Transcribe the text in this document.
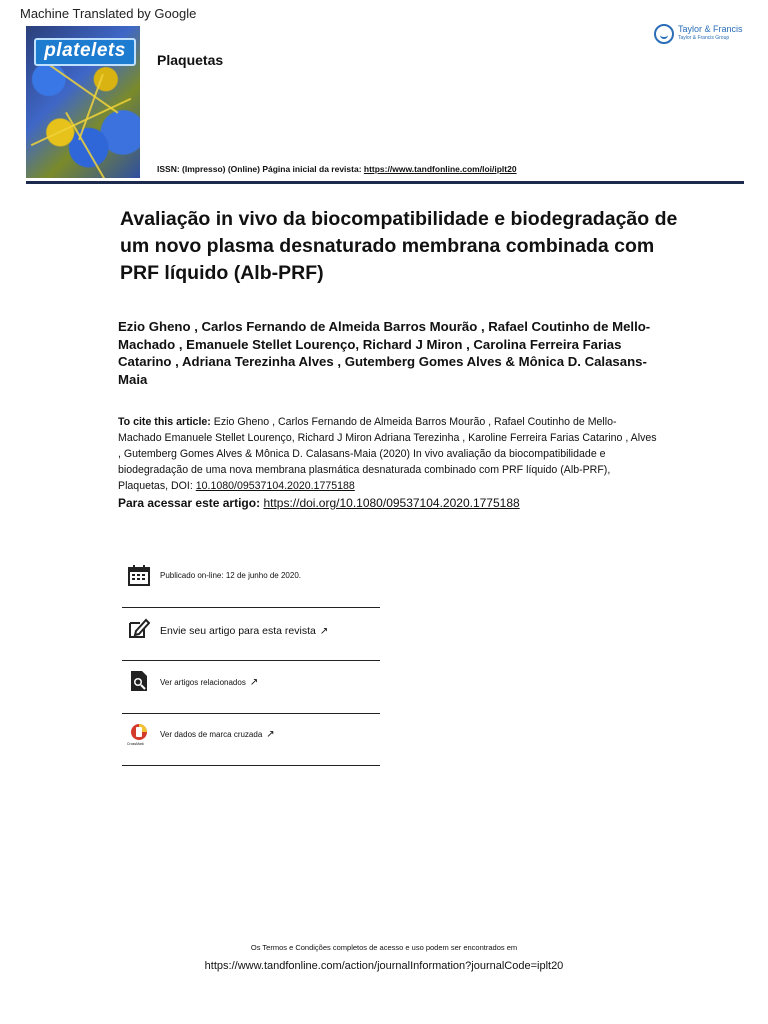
Machine Translated by Google
platelets	Plaquetas
Taylor & Francis
Taylor & Francis Group
ISSN: (Impresso) (Online) Página inicial da revista: https://www.tandfonline.com/loi/iplt20
Avaliação in vivo da biocompatibilidade e biodegradação de um novo plasma desnaturado membrana combinada com PRF líquido (Alb-PRF)
Ezio Gheno , Carlos Fernando de Almeida Barros Mourão , Rafael Coutinho de Mello-Machado , Emanuele Stellet Lourenço, Richard J Miron , Carolina Ferreira Farias Catarino , Adriana Terezinha Alves , Gutemberg Gomes Alves & Mônica D. Calasans-Maia
To cite this article: Ezio Gheno , Carlos Fernando de Almeida Barros Mourão , Rafael Coutinho de Mello-Machado Emanuele Stellet Lourenço, Richard J Miron Adriana Terezinha , Karoline Ferreira Farias Catarino , Alves , Gutemberg Gomes Alves & Mônica D. Calasans-Maia (2020) In vivo avaliação da biocompatibilidade e biodegradação de uma nova membrana plasmática desnaturada combinado com PRF líquido (Alb-PRF), Plaquetas, DOI: 10.1080/09537104.2020.1775188
Para acessar este artigo: https://doi.org/10.1080/09537104.2020.1775188
Publicado on-line: 12 de junho de 2020.
Envie seu artigo para esta revista ↗
Ver artigos relacionados ↗
CrossMark
Ver dados de marca cruzada ↗
Os Termos e Condições completos de acesso e uso podem ser encontrados em
https://www.tandfonline.com/action/journalInformation?journalCode=iplt20
